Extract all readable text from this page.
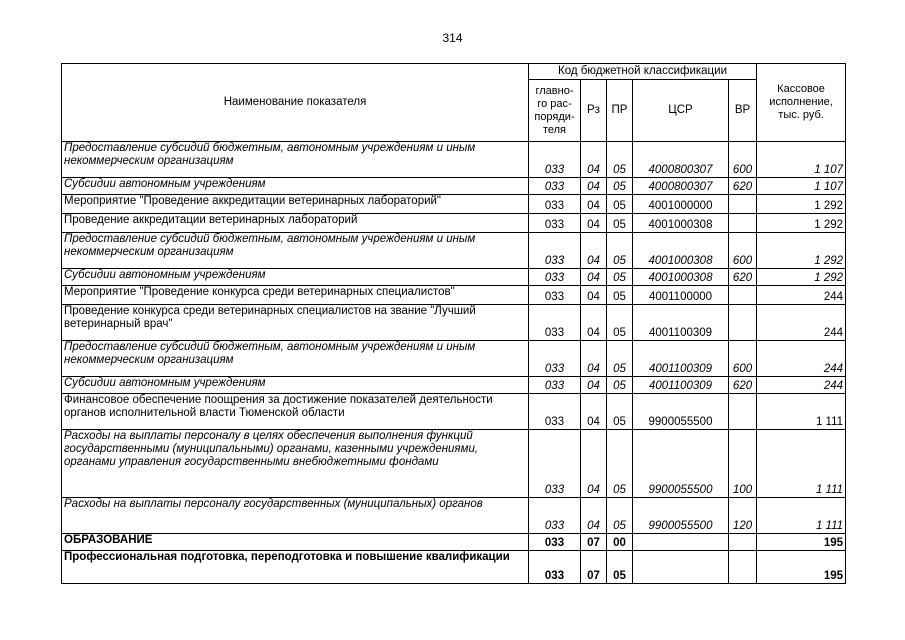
314
Наименование показателя	Код бюджетной классификации					Кассовое исполнение, тыс. руб.
	главно-го рас-поряди-теля	Рз	ПР	ЦСР	ВР	
Предоставление субсидий бюджетным, автономным учреждениям и иным некоммерческим организациям	033	04	05	4000800307	600	1 107
Субсидии автономным учреждениям	033	04	05	4000800307	620	1 107
Мероприятие "Проведение аккредитации ветеринарных лабораторий"	033	04	05	4001000000		1 292
Проведение аккредитации ветеринарных лабораторий	033	04	05	4001000308		1 292
Предоставление субсидий бюджетным, автономным учреждениям и иным некоммерческим организациям	033	04	05	4001000308	600	1 292
Субсидии автономным учреждениям	033	04	05	4001000308	620	1 292
Мероприятие "Проведение конкурса среди ветеринарных специалистов"	033	04	05	4001100000		244
Проведение конкурса среди ветеринарных специалистов на звание "Лучший ветеринарный врач"	033	04	05	4001100309		244
Предоставление субсидий бюджетным, автономным учреждениям и иным некоммерческим организациям	033	04	05	4001100309	600	244
Субсидии автономным учреждениям	033	04	05	4001100309	620	244
Финансовое обеспечение поощрения за достижение показателей деятельности органов исполнительной власти Тюменской области	033	04	05	9900055500		1 111
Расходы на выплаты персоналу в целях обеспечения выполнения функций государственными (муниципальными) органами, казенными учреждениями, органами управления государственными внебюджетными фондами	033	04	05	9900055500	100	1 111
Расходы на выплаты персоналу государственных (муниципальных) органов	033	04	05	9900055500	120	1 111
ОБРАЗОВАНИЕ	033	07	00			195
Профессиональная подготовка, переподготовка и повышение квалификации	033	07	05			195
